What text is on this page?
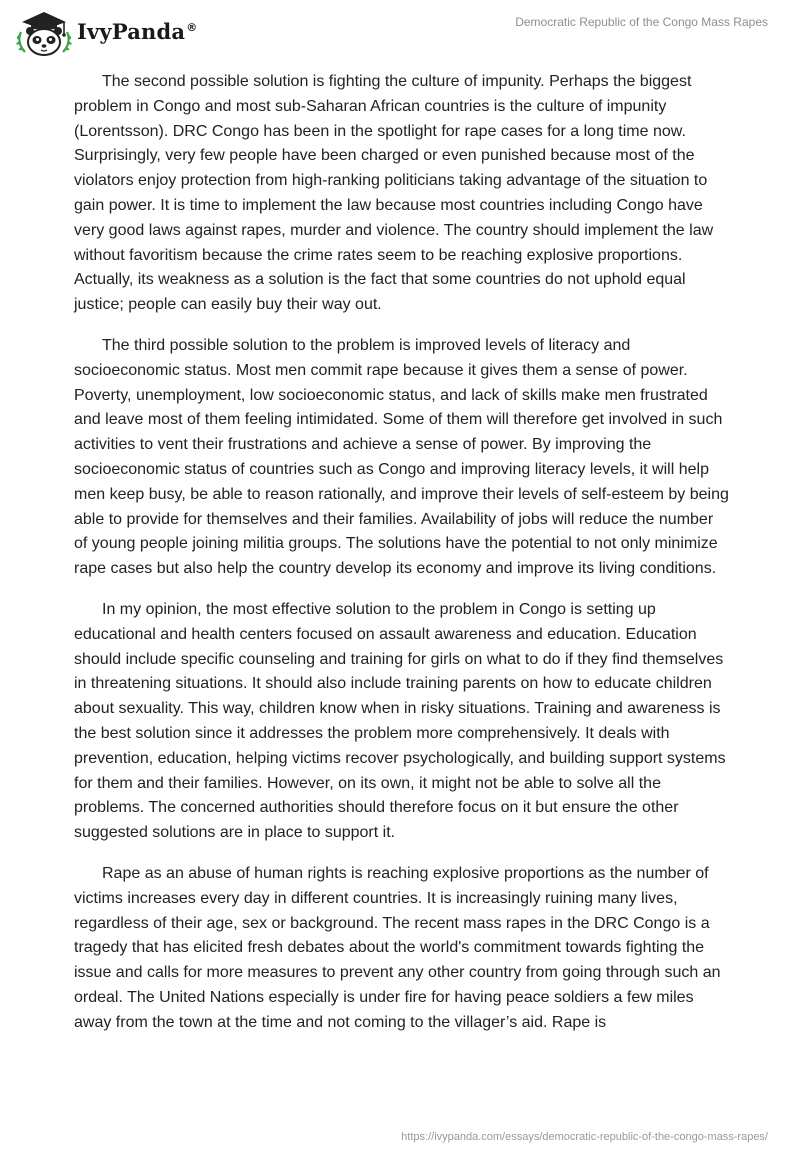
IvyPanda®	Democratic Republic of the Congo Mass Rapes

The second possible solution is fighting the culture of impunity. Perhaps the biggest problem in Congo and most sub-Saharan African countries is the culture of impunity (Lorentsson). DRC Congo has been in the spotlight for rape cases for a long time now. Surprisingly, very few people have been charged or even punished because most of the violators enjoy protection from high-ranking politicians taking advantage of the situation to gain power. It is time to implement the law because most countries including Congo have very good laws against rapes, murder and violence. The country should implement the law without favoritism because the crime rates seem to be reaching explosive proportions. Actually, its weakness as a solution is the fact that some countries do not uphold equal justice; people can easily buy their way out.

The third possible solution to the problem is improved levels of literacy and socioeconomic status. Most men commit rape because it gives them a sense of power. Poverty, unemployment, low socioeconomic status, and lack of skills make men frustrated and leave most of them feeling intimidated. Some of them will therefore get involved in such activities to vent their frustrations and achieve a sense of power. By improving the socioeconomic status of countries such as Congo and improving literacy levels, it will help men keep busy, be able to reason rationally, and improve their levels of self-esteem by being able to provide for themselves and their families. Availability of jobs will reduce the number of young people joining militia groups. The solutions have the potential to not only minimize rape cases but also help the country develop its economy and improve its living conditions.

In my opinion, the most effective solution to the problem in Congo is setting up educational and health centers focused on assault awareness and education. Education should include specific counseling and training for girls on what to do if they find themselves in threatening situations. It should also include training parents on how to educate children about sexuality. This way, children know when in risky situations. Training and awareness is the best solution since it addresses the problem more comprehensively. It deals with prevention, education, helping victims recover psychologically, and building support systems for them and their families. However, on its own, it might not be able to solve all the problems. The concerned authorities should therefore focus on it but ensure the other suggested solutions are in place to support it.

Rape as an abuse of human rights is reaching explosive proportions as the number of victims increases every day in different countries. It is increasingly ruining many lives, regardless of their age, sex or background. The recent mass rapes in the DRC Congo is a tragedy that has elicited fresh debates about the world's commitment towards fighting the issue and calls for more measures to prevent any other country from going through such an ordeal. The United Nations especially is under fire for having peace soldiers a few miles away from the town at the time and not coming to the villager’s aid. Rape is

https://ivypanda.com/essays/democratic-republic-of-the-congo-mass-rapes/
